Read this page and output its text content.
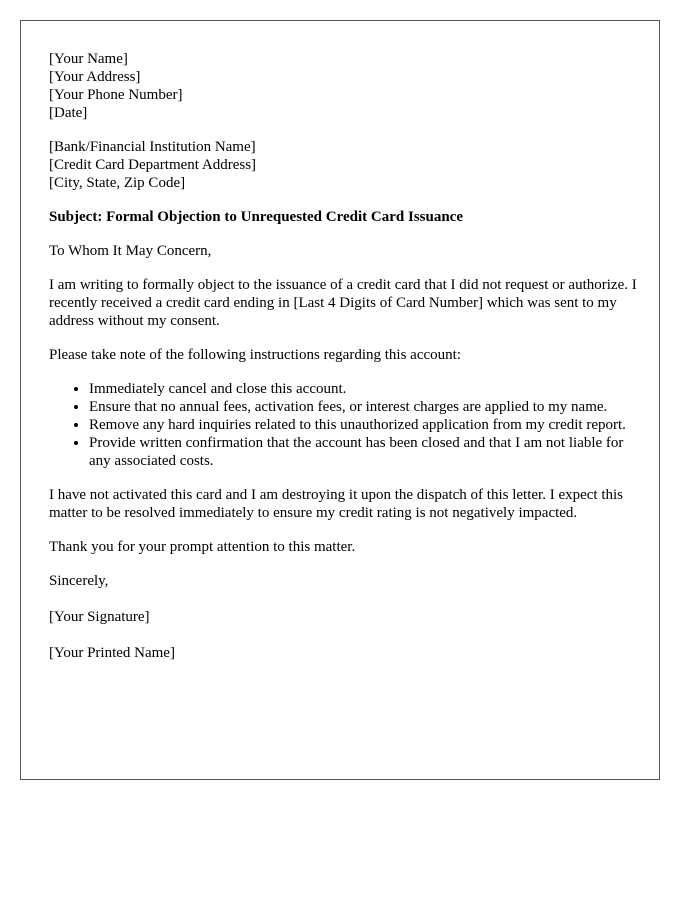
[Your Name]

[Your Address]

[Your Phone Number]

[Date]

[Bank/Financial Institution Name]

[Credit Card Department Address]

[City, State, Zip Code]

Subject: Formal Objection to Unrequested Credit Card Issuance

To Whom It May Concern,

I am writing to formally object to the issuance of a credit card that I did not request or authorize. I recently received a credit card ending in [Last 4 Digits of Card Number] which was sent to my address without my consent.

Please take note of the following instructions regarding this account:

• Immediately cancel and close this account.
• Ensure that no annual fees, activation fees, or interest charges are applied to my name.
• Remove any hard inquiries related to this unauthorized application from my credit report.
• Provide written confirmation that the account has been closed and that I am not liable for any associated costs.

I have not activated this card and I am destroying it upon the dispatch of this letter. I expect this matter to be resolved immediately to ensure my credit rating is not negatively impacted.

Thank you for your prompt attention to this matter.

Sincerely,

[Your Signature]

[Your Printed Name]
